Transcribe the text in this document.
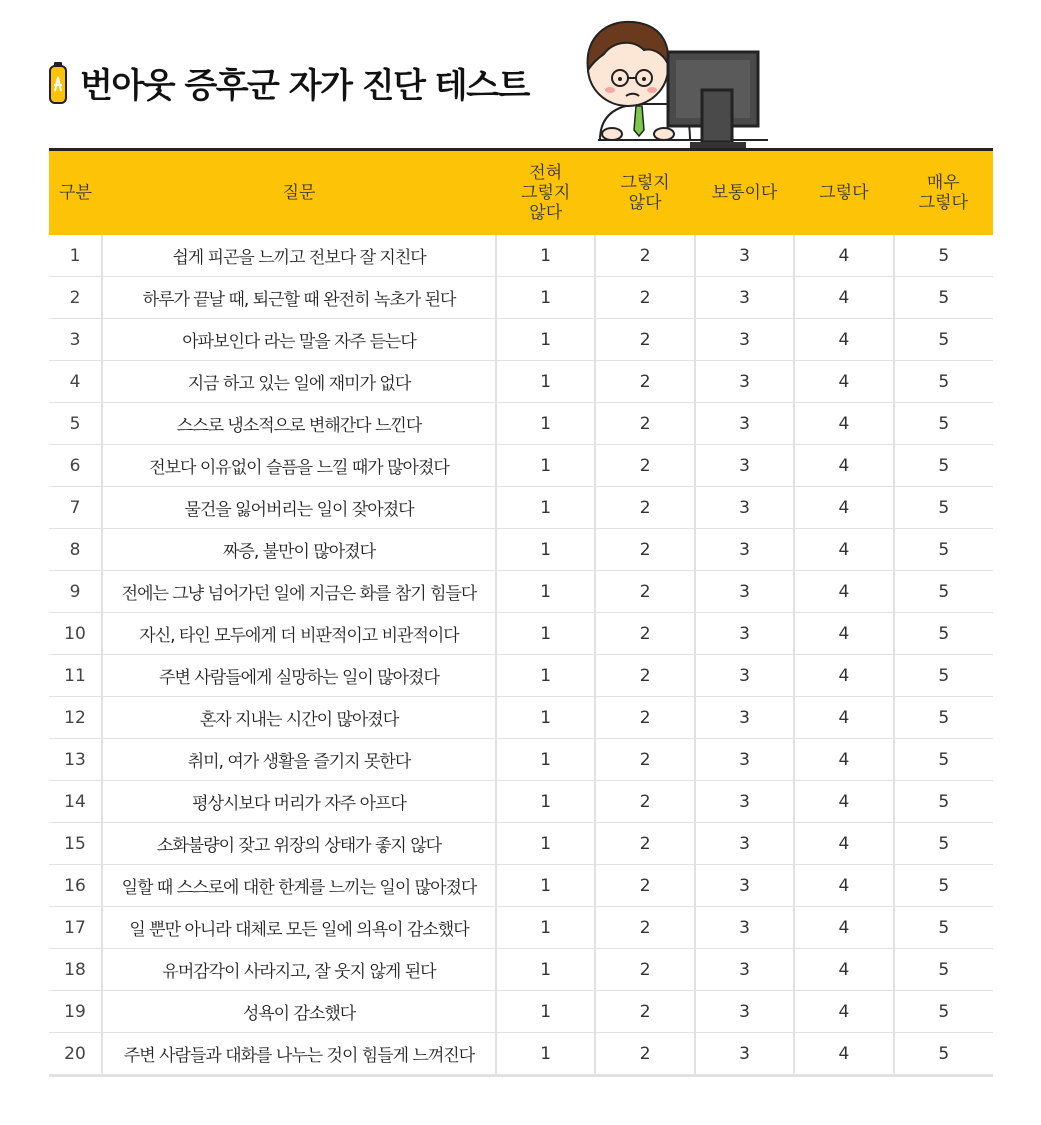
번아웃 증후군 자가 진단 테스트
구분	질문	전혀
그렇지
않다	그렇지
않다	보통이다	그렇다	매우
그렇다

1	쉽게 피곤을 느끼고 전보다 잘 지친다	1	2	3	4	5
2	하루가 끝날 때, 퇴근할 때 완전히 녹초가 된다	1	2	3	4	5
3	아파보인다 라는 말을 자주 듣는다	1	2	3	4	5
4	지금 하고 있는 일에 재미가 없다	1	2	3	4	5
5	스스로 냉소적으로 변해간다 느낀다	1	2	3	4	5
6	전보다 이유없이 슬픔을 느낄 때가 많아졌다	1	2	3	4	5
7	물건을 잃어버리는 일이 잦아졌다	1	2	3	4	5
8	짜증, 불만이 많아졌다	1	2	3	4	5
9	전에는 그냥 넘어가던 일에 지금은 화를 참기 힘들다	1	2	3	4	5
10	자신, 타인 모두에게 더 비판적이고 비관적이다	1	2	3	4	5
11	주변 사람들에게 실망하는 일이 많아졌다	1	2	3	4	5
12	혼자 지내는 시간이 많아졌다	1	2	3	4	5
13	취미, 여가 생활을 즐기지 못한다	1	2	3	4	5
14	평상시보다 머리가 자주 아프다	1	2	3	4	5
15	소화불량이 잦고 위장의 상태가 좋지 않다	1	2	3	4	5
16	일할 때 스스로에 대한 한계를 느끼는 일이 많아졌다	1	2	3	4	5
17	일 뿐만 아니라 대체로 모든 일에 의욕이 감소했다	1	2	3	4	5
18	유머감각이 사라지고, 잘 웃지 않게 된다	1	2	3	4	5
19	성욕이 감소했다	1	2	3	4	5
20	주변 사람들과 대화를 나누는 것이 힘들게 느껴진다	1	2	3	4	5
